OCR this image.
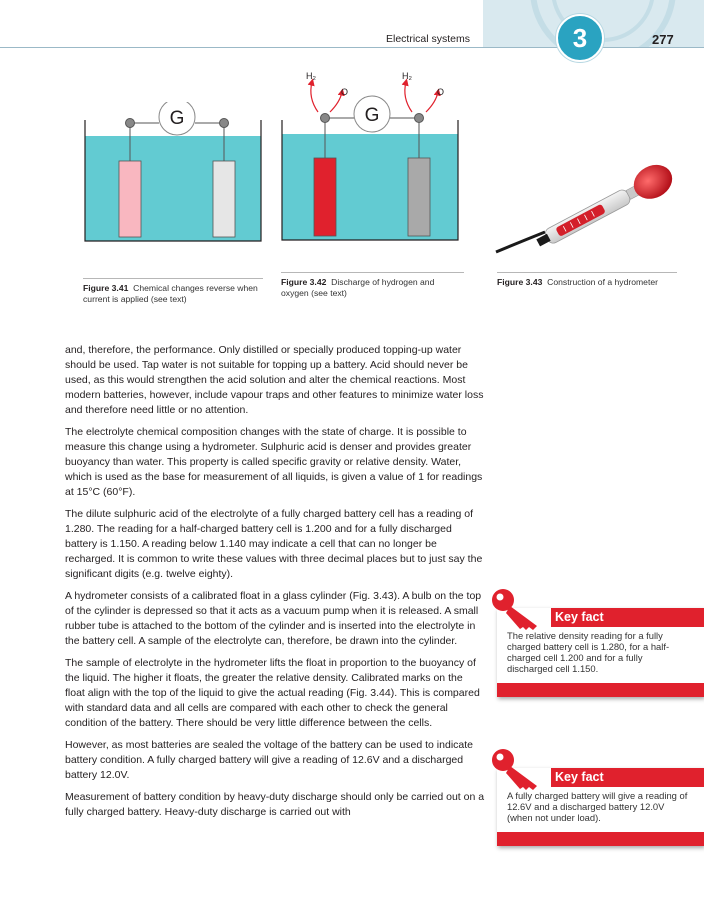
Electrical systems	3	277
G
Figure 3.41 Chemical changes reverse when current is applied (see text)
G
H₂
O
H₂
O
Figure 3.42 Discharge of hydrogen and oxygen (see text)
Figure 3.43 Construction of a hydrometer

and, therefore, the performance. Only distilled or specially produced topping-up water should be used. Tap water is not suitable for topping up a battery. Acid should never be used, as this would strengthen the acid solution and alter the chemical reactions. Most modern batteries, however, include vapour traps and other features to minimize water loss and therefore need little or no attention.

The electrolyte chemical composition changes with the state of charge. It is possible to measure this change using a hydrometer. Sulphuric acid is denser and provides greater buoyancy than water. This property is called specific gravity or relative density. Water, which is used as the base for measurement of all liquids, is given a value of 1 for readings at 15°C (60°F).

The dilute sulphuric acid of the electrolyte of a fully charged battery cell has a reading of 1.280. The reading for a half-charged battery cell is 1.200 and for a fully discharged battery is 1.150. A reading below 1.140 may indicate a cell that can no longer be recharged. It is common to write these values with three decimal places but to just say the significant digits (e.g. twelve eighty).

A hydrometer consists of a calibrated float in a glass cylinder (Fig. 3.43). A bulb on the top of the cylinder is depressed so that it acts as a vacuum pump when it is released. A small rubber tube is attached to the bottom of the cylinder and is inserted into the electrolyte in the battery cell. A sample of the electrolyte can, therefore, be drawn into the cylinder.

The sample of electrolyte in the hydrometer lifts the float in proportion to the buoyancy of the liquid. The higher it floats, the greater the relative density. Calibrated marks on the float align with the top of the liquid to give the actual reading (Fig. 3.44). This is compared with standard data and all cells are compared with each other to check the general condition of the battery. There should be very little difference between the cells.

However, as most batteries are sealed the voltage of the battery can be used to indicate battery condition. A fully charged battery will give a reading of 12.6V and a discharged battery 12.0V.

Measurement of battery condition by heavy-duty discharge should only be carried out on a fully charged battery. Heavy-duty discharge is carried out with

Key fact
The relative density reading for a fully charged battery cell is 1.280, for a half-charged cell 1.200 and for a fully discharged cell 1.150.
Key fact
A fully charged battery will give a reading of 12.6V and a discharged battery 12.0V (when not under load).
